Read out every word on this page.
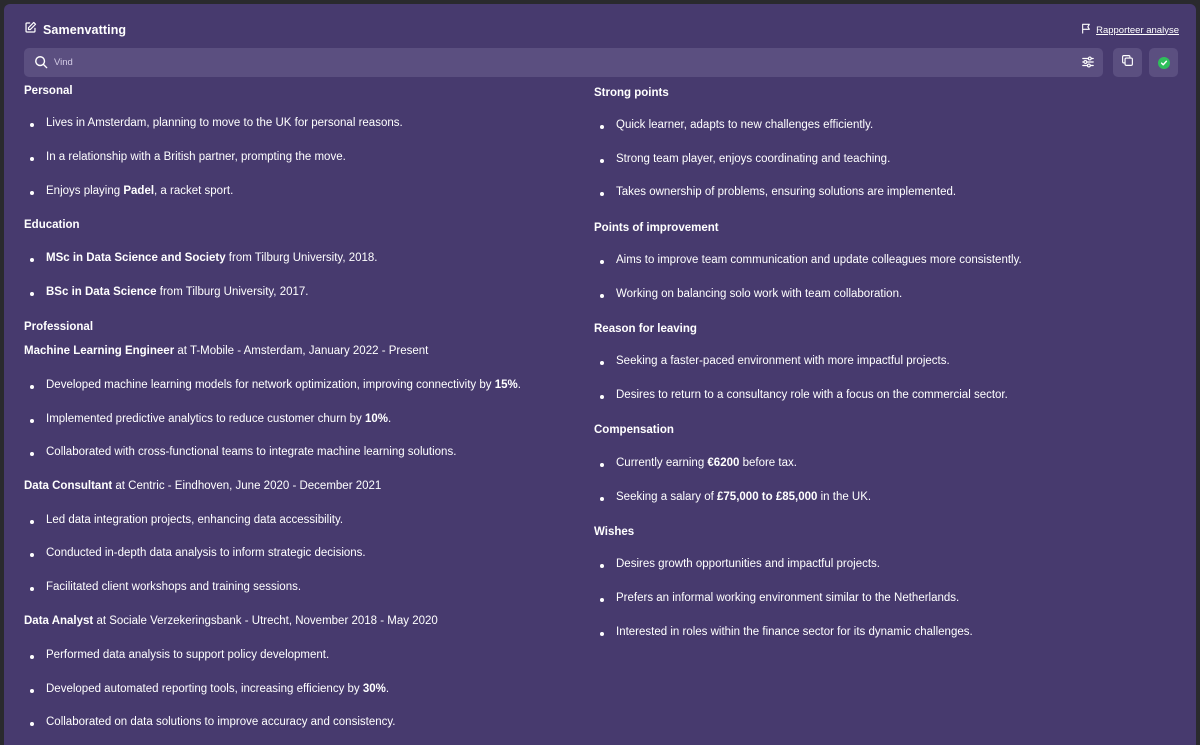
Samenvatting	Rapporteer analyse
Vind
Personal
Lives in Amsterdam, planning to move to the UK for personal reasons.
In a relationship with a British partner, prompting the move.
Enjoys playing Padel, a racket sport.
Education
MSc in Data Science and Society from Tilburg University, 2018.
BSc in Data Science from Tilburg University, 2017.
Professional
Machine Learning Engineer at T-Mobile - Amsterdam, January 2022 - Present
Developed machine learning models for network optimization, improving connectivity by 15%.
Implemented predictive analytics to reduce customer churn by 10%.
Collaborated with cross-functional teams to integrate machine learning solutions.
Data Consultant at Centric - Eindhoven, June 2020 - December 2021
Led data integration projects, enhancing data accessibility.
Conducted in-depth data analysis to inform strategic decisions.
Facilitated client workshops and training sessions.
Data Analyst at Sociale Verzekeringsbank - Utrecht, November 2018 - May 2020
Performed data analysis to support policy development.
Developed automated reporting tools, increasing efficiency by 30%.
Collaborated on data solutions to improve accuracy and consistency.
Strong points
Quick learner, adapts to new challenges efficiently.
Strong team player, enjoys coordinating and teaching.
Takes ownership of problems, ensuring solutions are implemented.
Points of improvement
Aims to improve team communication and update colleagues more consistently.
Working on balancing solo work with team collaboration.
Reason for leaving
Seeking a faster-paced environment with more impactful projects.
Desires to return to a consultancy role with a focus on the commercial sector.
Compensation
Currently earning €6200 before tax.
Seeking a salary of £75,000 to £85,000 in the UK.
Wishes
Desires growth opportunities and impactful projects.
Prefers an informal working environment similar to the Netherlands.
Interested in roles within the finance sector for its dynamic challenges.
